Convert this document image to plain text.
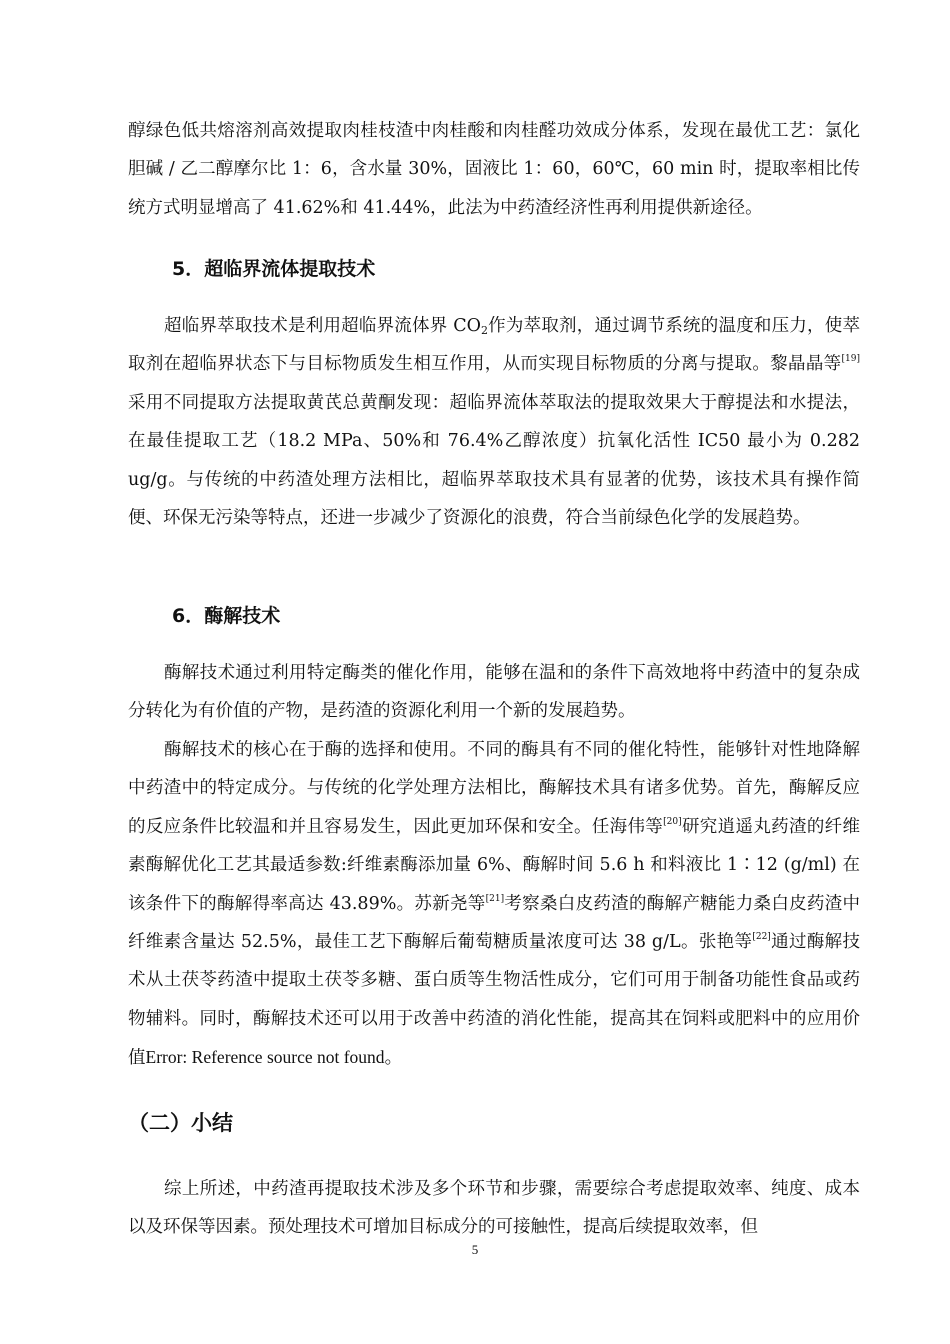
醇绿色低共熔溶剂高效提取肉桂枝渣中肉桂酸和肉桂醛功效成分体系，发现在最优工艺：氯化胆碱 / 乙二醇摩尔比 1：6，含水量 30%，固液比 1：60，60℃，60 min 时，提取率相比传统方式明显增高了 41.62%和 41.44%，此法为中药渣经济性再利用提供新途径。

5．超临界流体提取技术

超临界萃取技术是利用超临界流体界 $CO_2$作为萃取剂，通过调节系统的温度和压力，使萃取剂在超临界状态下与目标物质发生相互作用，从而实现目标物质的分离与提取。黎晶晶等[19]采用不同提取方法提取黄芪总黄酮发现：超临界流体萃取法的提取效果大于醇提法和水提法，在最佳提取工艺（18.2 MPa、50%和 76.4%乙醇浓度）抗氧化活性 IC50 最小为 0.282 ug/g。与传统的中药渣处理方法相比，超临界萃取技术具有显著的优势，该技术具有操作简便、环保无污染等特点，还进一步减少了资源化的浪费，符合当前绿色化学的发展趋势。

6．酶解技术

酶解技术通过利用特定酶类的催化作用，能够在温和的条件下高效地将中药渣中的复杂成分转化为有价值的产物，是药渣的资源化利用一个新的发展趋势。

酶解技术的核心在于酶的选择和使用。不同的酶具有不同的催化特性，能够针对性地降解中药渣中的特定成分。与传统的化学处理方法相比，酶解技术具有诸多优势。首先，酶解反应的反应条件比较温和并且容易发生，因此更加环保和安全。任海伟等[20]研究逍遥丸药渣的纤维素酶解优化工艺其最适参数:纤维素酶添加量 6%、酶解时间 5.6 h 和料液比 1∶12 (g/ml) 在该条件下的酶解得率高达 43.89%。苏新尧等[21]考察桑白皮药渣的酶解产糖能力桑白皮药渣中纤维素含量达 52.5%，最佳工艺下酶解后葡萄糖质量浓度可达 38 g/L。张艳等[22]通过酶解技术从土茯苓药渣中提取土茯苓多糖、蛋白质等生物活性成分，它们可用于制备功能性食品或药物辅料。同时，酶解技术还可以用于改善中药渣的消化性能，提高其在饲料或肥料中的应用价值Error: Reference source not found。

（二）小结

综上所述，中药渣再提取技术涉及多个环节和步骤，需要综合考虑提取效率、纯度、成本以及环保等因素。预处理技术可增加目标成分的可接触性，提高后续提取效率，但

5
